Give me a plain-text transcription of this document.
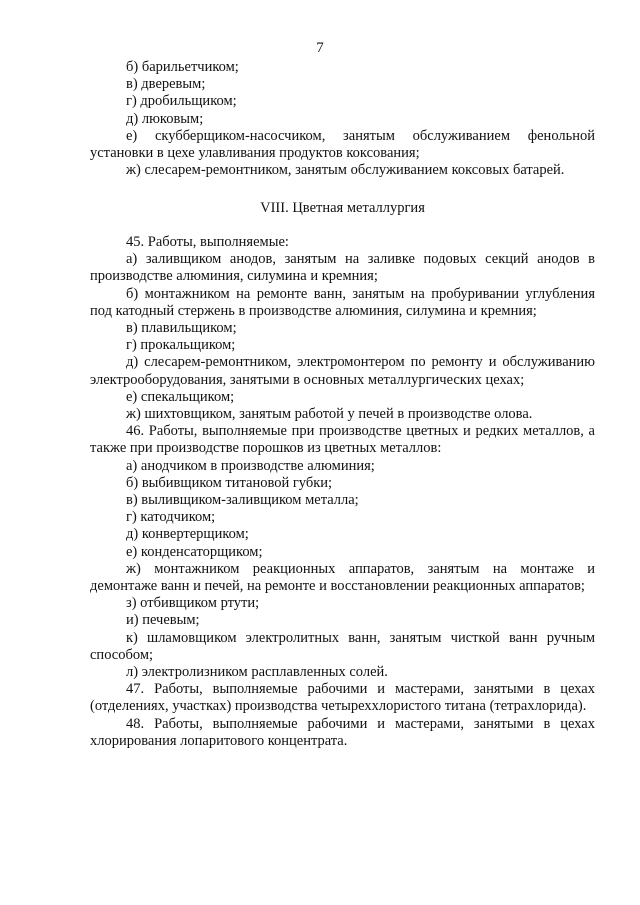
7

б) барильетчиком;

в) дверевым;

г) дробильщиком;

д) люковым;

е) скубберщиком-насосчиком, занятым обслуживанием фенольной установки в цехе улавливания продуктов коксования;

ж) слесарем-ремонтником, занятым обслуживанием коксовых батарей.

VIII. Цветная металлургия

45. Работы, выполняемые:

а) заливщиком анодов, занятым на заливке подовых секций анодов в производстве алюминия, силумина и кремния;

б) монтажником на ремонте ванн, занятым на пробуривании углубления под катодный стержень в производстве алюминия, силумина и кремния;

в) плавильщиком;

г) прокальщиком;

д) слесарем-ремонтником, электромонтером по ремонту и обслуживанию электрооборудования, занятыми в основных металлургических цехах;

е) спекальщиком;

ж) шихтовщиком, занятым работой у печей в производстве олова.

46. Работы, выполняемые при производстве цветных и редких металлов, а также при производстве порошков из цветных металлов:

а) анодчиком в производстве алюминия;

б) выбивщиком титановой губки;

в) выливщиком-заливщиком металла;

г) катодчиком;

д) конвертерщиком;

е) конденсаторщиком;

ж) монтажником реакционных аппаратов, занятым на монтаже и демонтаже ванн и печей, на ремонте и восстановлении реакционных аппаратов;

з) отбивщиком ртути;

и) печевым;

к) шламовщиком электролитных ванн, занятым чисткой ванн ручным способом;

л) электролизником расплавленных солей.

47. Работы, выполняемые рабочими и мастерами, занятыми в цехах (отделениях, участках) производства четыреххлористого титана (тетрахлорида).

48. Работы, выполняемые рабочими и мастерами, занятыми в цехах хлорирования лопаритового концентрата.
